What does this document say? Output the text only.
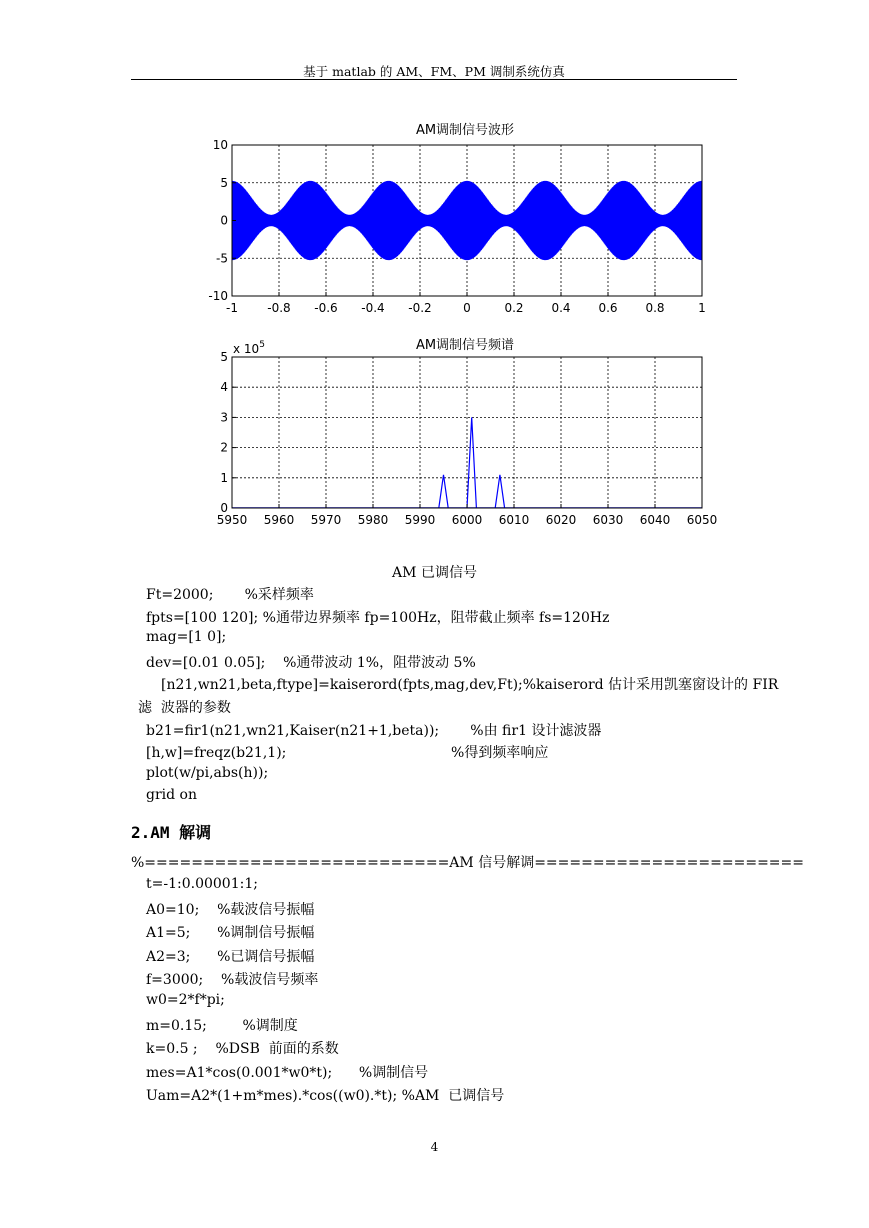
基于 matlab 的 AM、FM、PM 调制系统仿真
AM调制信号波形
-1 -0.8 -0.6 -0.4 -0.2	0	0.2 0.4 0.6 0.8	1
10
5
0
-5
-10
AM调制信号频谱
x $10^5$
5950 5960 5970 5980 5990 6000 6010 6020 6030 6040 6050
5
4
3
2
1
0
AM 已调信号
Ft=2000;       %采样频率
fpts=[100 120]; %通带边界频率 fp=100Hz，阻带截止频率 fs=120Hz
mag=[1 0];
dev=[0.01 0.05];    %通带波动 1%，阻带波动 5%
[n21,wn21,beta,ftype]=kaiserord(fpts,mag,dev,Ft);%kaiserord 估计采用凯塞窗设计的 FIR
滤  波器的参数
b21=fir1(n21,wn21,Kaiser(n21+1,beta));       %由 fir1 设计滤波器
[h,w]=freqz(b21,1);                                     %得到频率响应
plot(w/pi,abs(h));
grid on
2.AM 解调
%==========================AM 信号解调=======================
t=-1:0.00001:1;
A0=10;    %载波信号振幅
A1=5;      %调制信号振幅
A2=3;      %已调信号振幅
f=3000;    %载波信号频率
w0=2*f*pi;
m=0.15;        %调制度
k=0.5 ;    %DSB  前面的系数
mes=A1*cos(0.001*w0*t);      %调制信号
Uam=A2*(1+m*mes).*cos((w0).*t); %AM  已调信号
4
